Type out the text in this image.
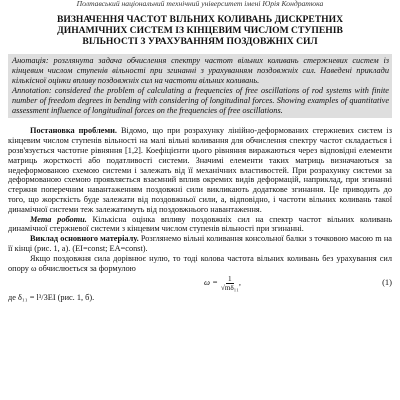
Полтавський національний технічний університет імені Юрія Кондратюка
ВИЗНАЧЕННЯ ЧАСТОТ ВІЛЬНИХ КОЛИВАНЬ ДИСКРЕТНИХ
ДИНАМІЧНИХ СИСТЕМ ІЗ КІНЦЕВИМ ЧИСЛОМ СТУПЕНІВ
ВІЛЬНОСТІ З УРАХУВАННЯМ ПОЗДОВЖНІХ СИЛ

Анотація: розглянута задача обчислення спектру частот вільних коливань стержневих систем із кінцевим числом ступенів вільності при згинанні з урахуванням поздовжніх сил. Наведені приклади кількісної оцінки впливу поздовжніх сил на частоти вільних коливань.

Annotation: considered the problem of calculating a frequencies of free oscillations of rod systems with finite number of freedom degrees in bending with considering of longitudinal forces. Showing examples of quantitative assessment influence of longitudinal forces on the frequencies of free oscillations.

Постановка проблеми. Відомо, що при розрахунку лінійно-деформованих стержневих систем із кінцевим числом ступенів вільності на малі вільні коливання для обчислення спектру частот складається і розв'язується частотне рівняння [1,2]. Коефіцієнти цього рівняння виражаються через відповідні елементи матриць жорсткості або податливості системи. Значимі елементи таких матриць визначаються за недеформованою схемою системи і залежать від її механічних властивостей. При розрахунку системи за деформованою схемою проявляється взаємний вплив окремих видів деформацій, наприклад, при згинанні стержня поперечним навантаженням поздовжні сили викликають додаткове згинання. Це приводить до того, що жорсткість буде залежати від поздовжньої сили, а, відповідно, і частоти вільних коливань такої динамічної системи теж залежатимуть від поздовжнього навантаження.

Мета роботи. Кількісна оцінка впливу поздовжніх сил на спектр частот вільних коливань динамічної стержневої системи з кінцевим числом ступенів вільності при згинанні.

Виклад основного матеріалу. Розглянемо вільні коливання консольної балки з точковою масою m на її кінці (рис. 1, а). (EI=const; EA=const).

Якщо поздовжня сила дорівнює нулю, то тоді колова частота вільних коливань без урахування сил опору ω обчислюється за формулою

$\omega = \frac{1}{\text{√mδ₁₁}}$ ,	(1)
де δ₁₁ = l³/3EI (рис. 1, б).
